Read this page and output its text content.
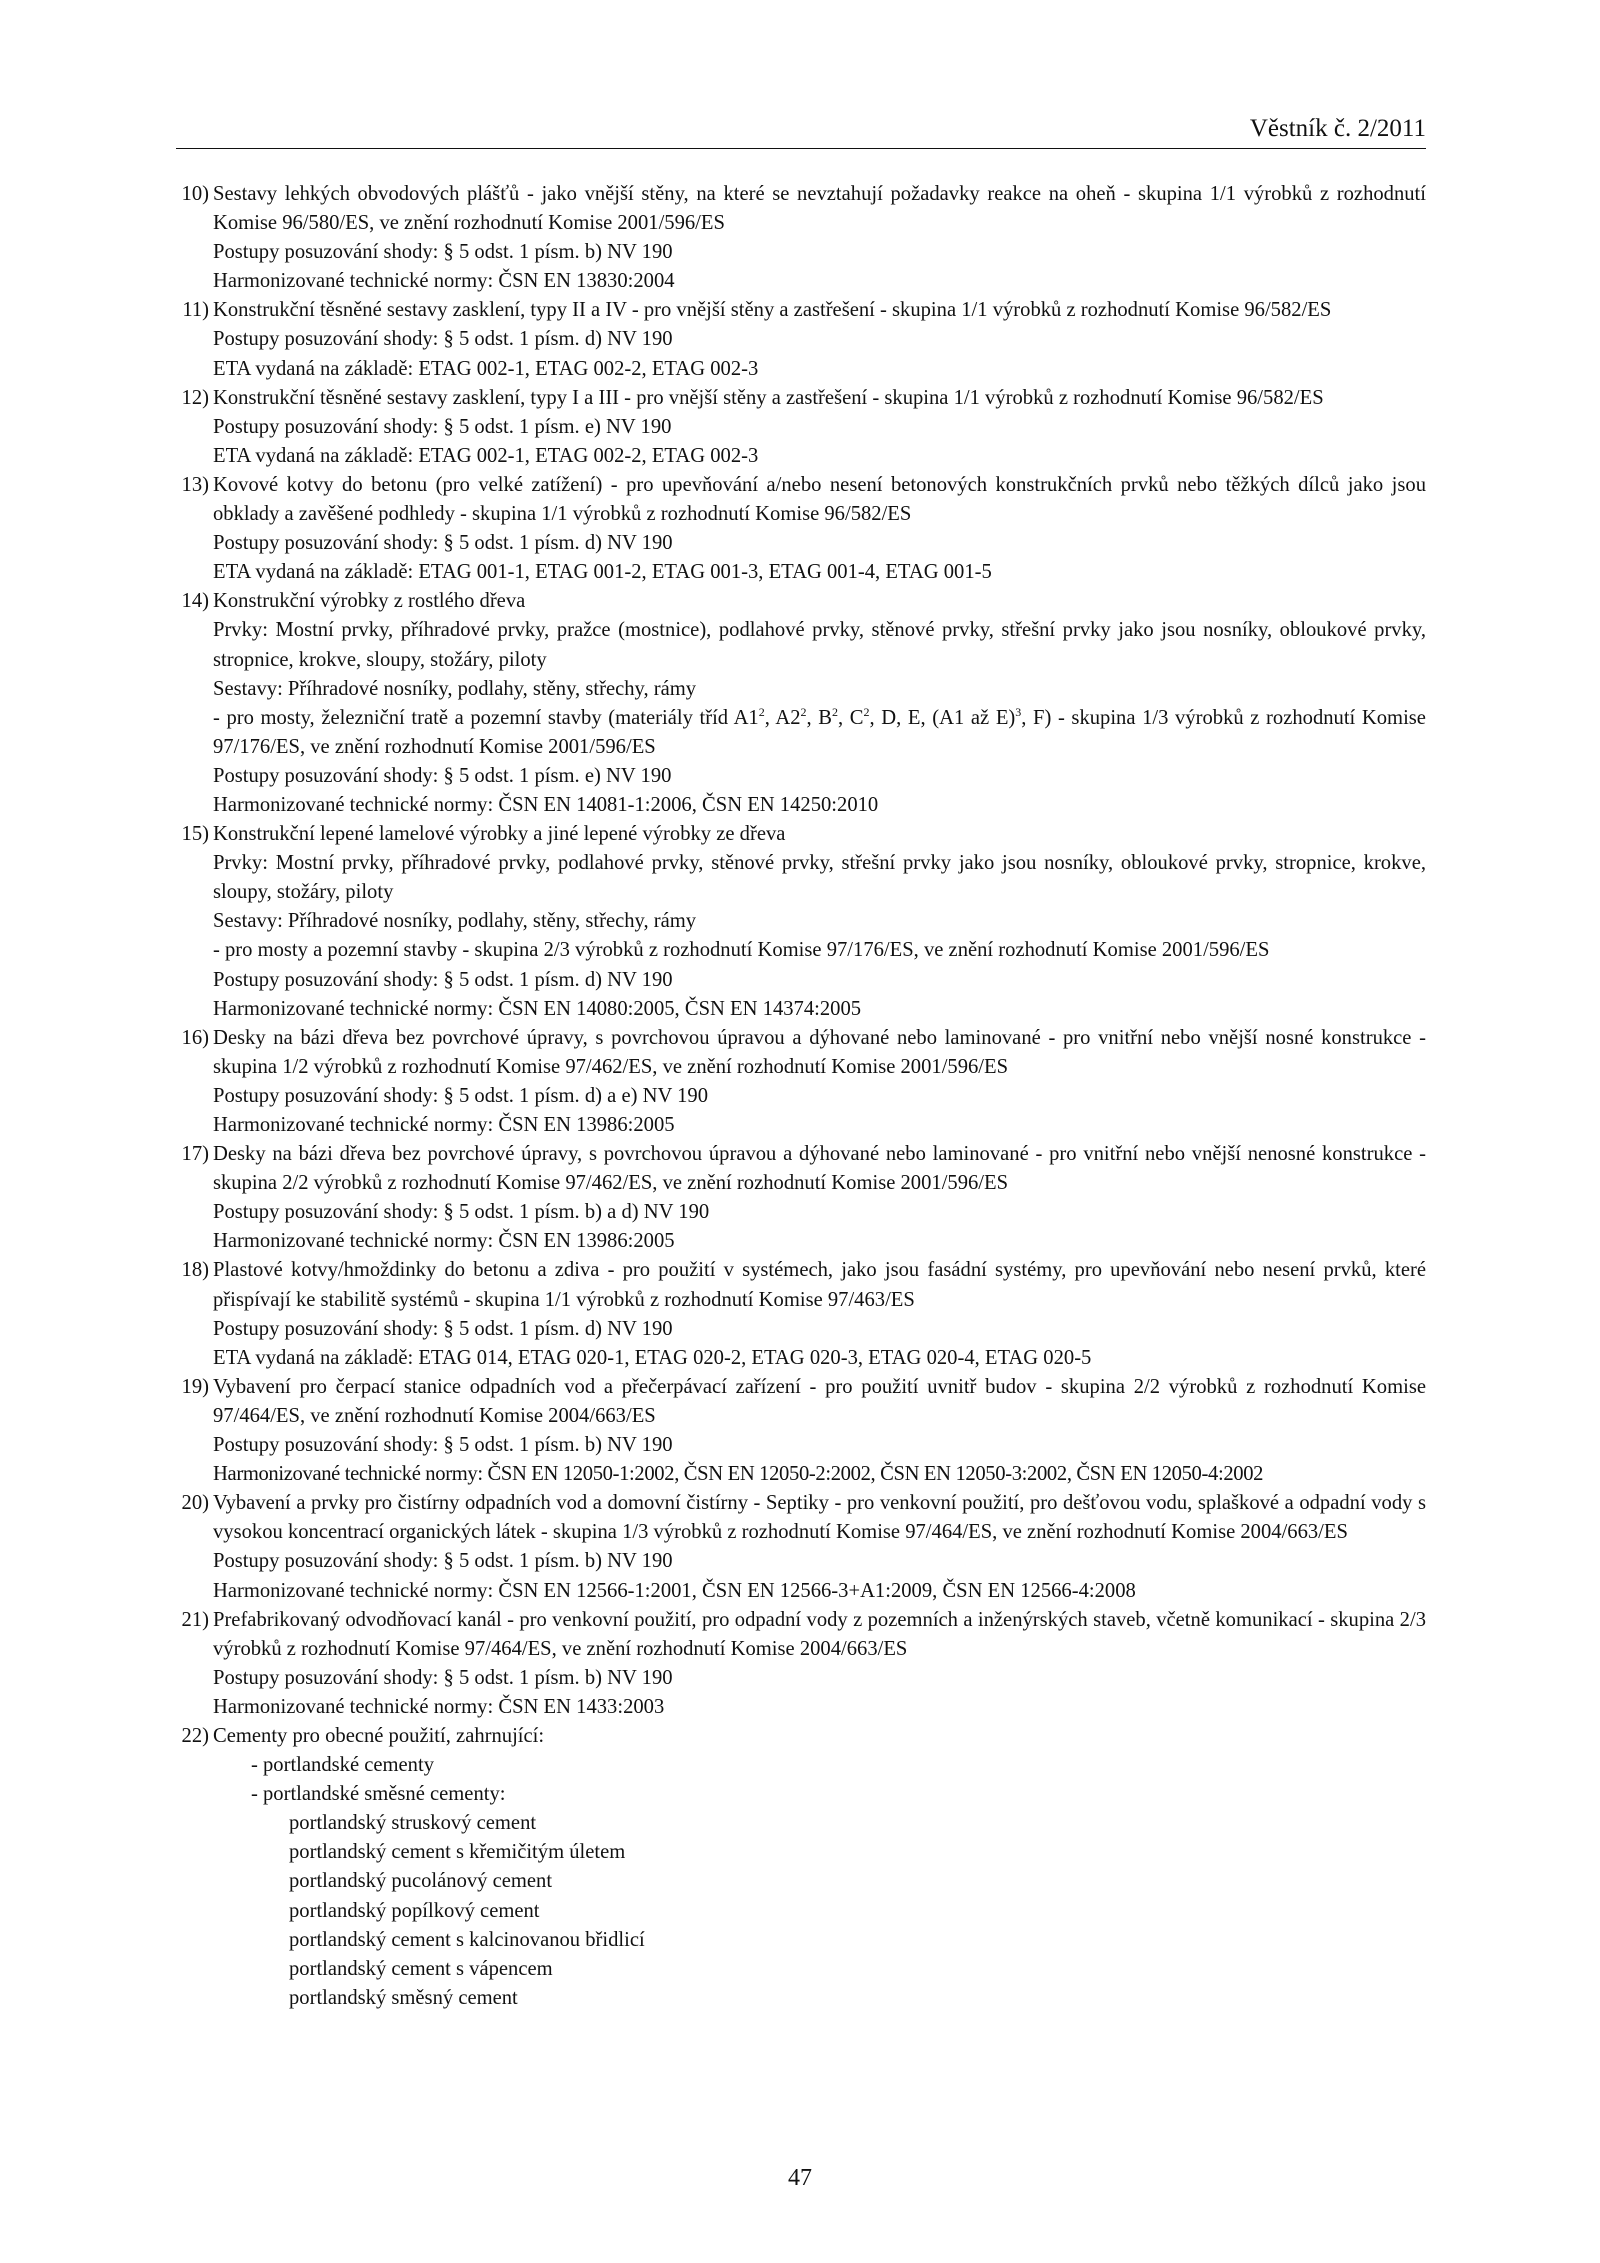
Věstník č. 2/2011
10) Sestavy lehkých obvodových plášťů - jako vnější stěny, na které se nevztahují požadavky reakce na oheň - skupina 1/1 výrobků z rozhodnutí Komise 96/580/ES, ve znění rozhodnutí Komise 2001/596/ES
Postupy posuzování shody: § 5 odst. 1 písm. b) NV 190
Harmonizované technické normy: ČSN EN 13830:2004
11) Konstrukční těsněné sestavy zasklení, typy II a IV - pro vnější stěny a zastřešení - skupina 1/1 výrobků z rozhodnutí Komise 96/582/ES
Postupy posuzování shody: § 5 odst. 1 písm. d) NV 190
ETA vydaná na základě: ETAG 002-1, ETAG 002-2, ETAG 002-3
12) Konstrukční těsněné sestavy zasklení, typy I a III - pro vnější stěny a zastřešení - skupina 1/1 výrobků z rozhodnutí Komise 96/582/ES
Postupy posuzování shody: § 5 odst. 1 písm. e) NV 190
ETA vydaná na základě: ETAG 002-1, ETAG 002-2, ETAG 002-3
13) Kovové kotvy do betonu (pro velké zatížení) - pro upevňování a/nebo nesení betonových konstrukčních prvků nebo těžkých dílců jako jsou obklady a zavěšené podhledy - skupina 1/1 výrobků z rozhodnutí Komise 96/582/ES
Postupy posuzování shody: § 5 odst. 1 písm. d) NV 190
ETA vydaná na základě: ETAG 001-1, ETAG 001-2, ETAG 001-3, ETAG 001-4, ETAG 001-5
14) Konstrukční výrobky z rostlého dřeva
Prvky: Mostní prvky, příhradové prvky, pražce (mostnice), podlahové prvky, stěnové prvky, střešní prvky jako jsou nosníky, obloukové prvky, stropnice, krokve, sloupy, stožáry, piloty
Sestavy: Příhradové nosníky, podlahy, stěny, střechy, rámy
- pro mosty, železniční tratě a pozemní stavby (materiály tříd $A1^2$, $A2^2$, $B^2$, $C^2$, D, E, (A1 až E)$^3$, F) - skupina 1/3 výrobků z rozhodnutí Komise 97/176/ES, ve znění rozhodnutí Komise 2001/596/ES
Postupy posuzování shody: § 5 odst. 1 písm. e) NV 190
Harmonizované technické normy: ČSN EN 14081-1:2006, ČSN EN 14250:2010
15) Konstrukční lepené lamelové výrobky a jiné lepené výrobky ze dřeva
Prvky: Mostní prvky, příhradové prvky, podlahové prvky, stěnové prvky, střešní prvky jako jsou nosníky, obloukové prvky, stropnice, krokve, sloupy, stožáry, piloty
Sestavy: Příhradové nosníky, podlahy, stěny, střechy, rámy
- pro mosty a pozemní stavby - skupina 2/3 výrobků z rozhodnutí Komise 97/176/ES, ve znění rozhodnutí Komise 2001/596/ES
Postupy posuzování shody: § 5 odst. 1 písm. d) NV 190
Harmonizované technické normy: ČSN EN 14080:2005, ČSN EN 14374:2005
16) Desky na bázi dřeva bez povrchové úpravy, s povrchovou úpravou a dýhované nebo laminované - pro vnitřní nebo vnější nosné konstrukce - skupina 1/2 výrobků z rozhodnutí Komise 97/462/ES, ve znění rozhodnutí Komise 2001/596/ES
Postupy posuzování shody: § 5 odst. 1 písm. d) a e) NV 190
Harmonizované technické normy: ČSN EN 13986:2005
17) Desky na bázi dřeva bez povrchové úpravy, s povrchovou úpravou a dýhované nebo laminované - pro vnitřní nebo vnější nenosné konstrukce - skupina 2/2 výrobků z rozhodnutí Komise 97/462/ES, ve znění rozhodnutí Komise 2001/596/ES
Postupy posuzování shody: § 5 odst. 1 písm. b) a d) NV 190
Harmonizované technické normy: ČSN EN 13986:2005
18) Plastové kotvy/hmoždinky do betonu a zdiva - pro použití v systémech, jako jsou fasádní systémy, pro upevňování nebo nesení prvků, které přispívají ke stabilitě systémů - skupina 1/1 výrobků z rozhodnutí Komise 97/463/ES
Postupy posuzování shody: § 5 odst. 1 písm. d) NV 190
ETA vydaná na základě: ETAG 014, ETAG 020-1, ETAG 020-2, ETAG 020-3, ETAG 020-4, ETAG 020-5
19) Vybavení pro čerpací stanice odpadních vod a přečerpávací zařízení - pro použití uvnitř budov - skupina 2/2 výrobků z rozhodnutí Komise 97/464/ES, ve znění rozhodnutí Komise 2004/663/ES
Postupy posuzování shody: § 5 odst. 1 písm. b) NV 190
Harmonizované technické normy: ČSN EN 12050-1:2002, ČSN EN 12050-2:2002, ČSN EN 12050-3:2002, ČSN EN 12050-4:2002
20) Vybavení a prvky pro čistírny odpadních vod a domovní čistírny - Septiky - pro venkovní použití, pro dešťovou vodu, splaškové a odpadní vody s vysokou koncentrací organických látek - skupina 1/3 výrobků z rozhodnutí Komise 97/464/ES, ve znění rozhodnutí Komise 2004/663/ES
Postupy posuzování shody: § 5 odst. 1 písm. b) NV 190
Harmonizované technické normy: ČSN EN 12566-1:2001, ČSN EN 12566-3+A1:2009, ČSN EN 12566-4:2008
21) Prefabrikovaný odvodňovací kanál - pro venkovní použití, pro odpadní vody z pozemních a inženýrských staveb, včetně komunikací - skupina 2/3 výrobků z rozhodnutí Komise 97/464/ES, ve znění rozhodnutí Komise 2004/663/ES
Postupy posuzování shody: § 5 odst. 1 písm. b) NV 190
Harmonizované technické normy: ČSN EN 1433:2003
22) Cementy pro obecné použití, zahrnující:
- portlandské cementy
- portlandské směsné cementy:
portlandský struskový cement
portlandský cement s křemičitým úletem
portlandský pucolánový cement
portlandský popílkový cement
portlandský cement s kalcinovanou břidlicí
portlandský cement s vápencem
portlandský směsný cement
47
